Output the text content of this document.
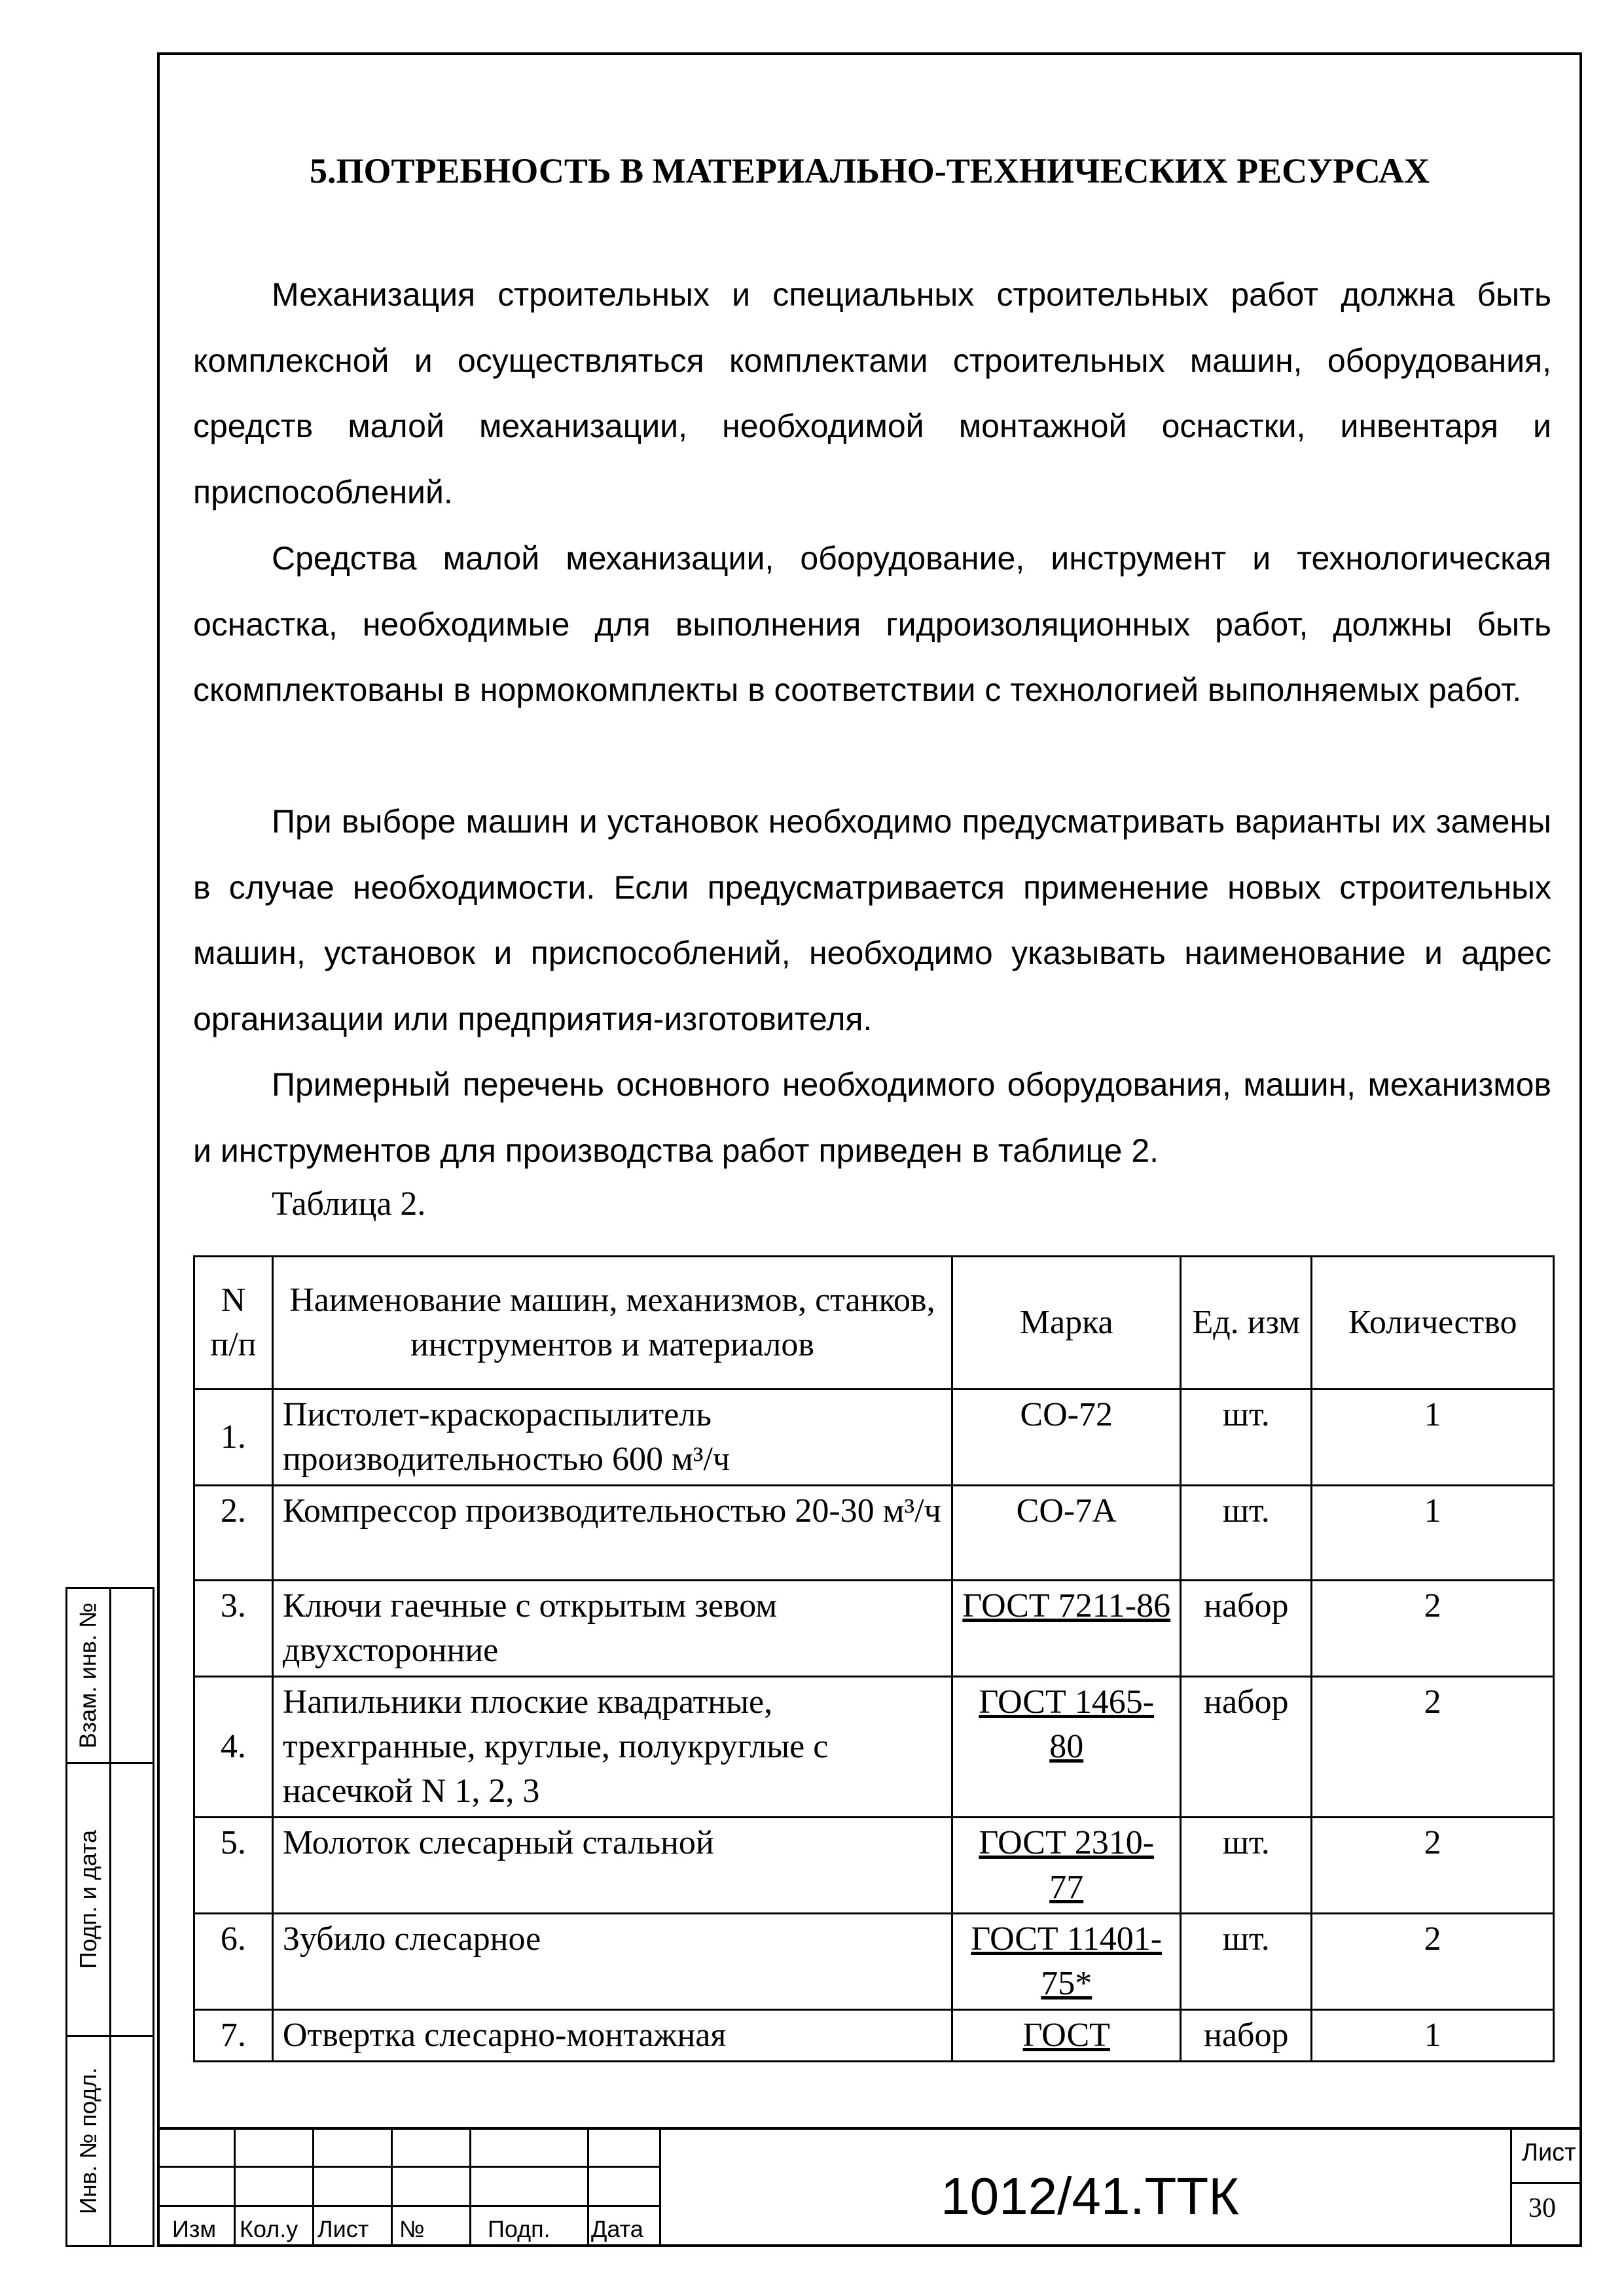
5.ПОТРЕБНОСТЬ В МАТЕРИАЛЬНО-ТЕХНИЧЕСКИХ РЕСУРСАХ

Механизация строительных и специальных строительных работ должна быть комплексной и осуществляться комплектами строительных машин, оборудования, средств малой механизации, необходимой монтажной оснастки, инвентаря и приспособлений.

Средства малой механизации, оборудование, инструмент и технологическая оснастка, необходимые для выполнения гидроизоляционных работ, должны быть скомплектованы в нормокомплекты в соответствии с технологией выполняемых работ.

При выборе машин и установок необходимо предусматривать варианты их замены в случае необходимости. Если предусматривается применение новых строительных машин, установок и приспособлений, необходимо указывать наименование и адрес организации или предприятия-изготовителя.

Примерный перечень основного необходимого оборудования, машин, механизмов и инструментов для производства работ приведен в таблице 2.

Таблица 2.

N п/п	Наименование машин, механизмов, станков, инструментов и материалов	Марка	Ед. изм	Количество
1.	Пистолет-краскораспылитель производительностью 600 м³/ч	СО-72	шт.	1
2.	Компрессор производительностью 20-30 м³/ч	СО-7А	шт.	1
3.	Ключи гаечные с открытым зевом двухсторонние	ГОСТ 7211-86	набор	2
4.	Напильники плоские квадратные, трехгранные, круглые, полукруглые с насечкой N 1, 2, 3	ГОСТ 1465-80	набор	2
5.	Молоток слесарный стальной	ГОСТ 2310-77	шт.	2
6.	Зубило слесарное	ГОСТ 11401-75*	шт.	2
7.	Отвертка слесарно-монтажная	ГОСТ	набор	1
Взам. инв. №
Подп. и дата
Инв. № подл.
Изм Кол.у Лист №	Подп. Дата
1012/41.ТТК
Лист
30
